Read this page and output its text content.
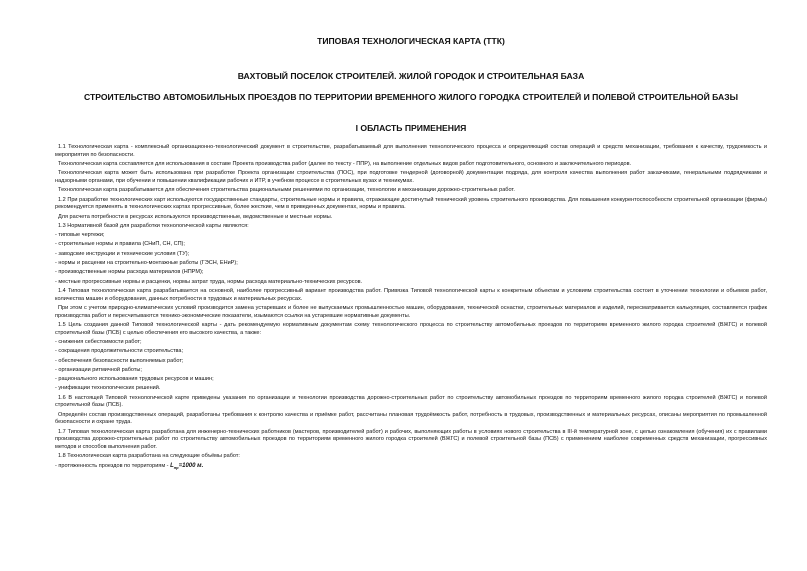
ТИПОВАЯ ТЕХНОЛОГИЧЕСКАЯ КАРТА (ТТК)
ВАХТОВЫЙ ПОСЕЛОК СТРОИТЕЛЕЙ. ЖИЛОЙ ГОРОДОК И СТРОИТЕЛЬНАЯ БАЗА
СТРОИТЕЛЬСТВО АВТОМОБИЛЬНЫХ ПРОЕЗДОВ ПО ТЕРРИТОРИИ ВРЕМЕННОГО ЖИЛОГО ГОРОДКА СТРОИТЕЛЕЙ И ПОЛЕВОЙ СТРОИТЕЛЬНОЙ БАЗЫ
I ОБЛАСТЬ ПРИМЕНЕНИЯ
1.1 Технологическая карта - комплексный организационно-технологический документ в строительстве, разрабатываемый для выполнения технологического процесса и определяющий состав операций и средств механизации, требования к качеству, трудоемкость и мероприятия по безопасности.
Технологическая карта составляется для использования в составе Проекта производства работ (далее по тексту - ППР), на выполнение отдельных видов работ подготовительного, основного и заключительного периодов.
Технологическая карта может быть использована при разработке Проекта организации строительства (ПОС), при подготовке тендерной (договорной) документации подряда, для контроля качества выполнения работ заказчиками, генеральными подрядчиками и надзорными органами, при обучении и повышении квалификации рабочих и ИТР, в учебном процессе в строительных вузах и техникумах.
Технологическая карта разрабатывается для обеспечения строительства рациональными решениями по организации, технологии и механизации дорожно-строительных работ.
1.2 При разработке технологических карт используются государственные стандарты, строительные нормы и правила, отражающие достигнутый технический уровень строительного производства. Для повышения конкурентоспособности строительной организации (фирмы) рекомендуется применять в технологических картах прогрессивные, более жесткие, чем в приведенных документах, нормы и правила.
Для расчета потребности в ресурсах используются производственные, ведомственные и местные нормы.
1.3 Нормативной базой для разработки технологической карты являются:
- типовые чертежи;
- строительные нормы и правила (СНиП, СН, СП);
- заводские инструкции и технические условия (ТУ);
- нормы и расценки на строительно-монтажные работы (ГЭСН, ЕНиР);
- производственные нормы расхода материалов (НПРМ);
- местные прогрессивные нормы и расценки, нормы затрат труда, нормы расхода материально-технических ресурсов.
1.4 Типовая технологическая карта разрабатывается на основной, наиболее прогрессивный вариант производства работ. Привязка Типовой технологической карты к конкретным объектам и условиям строительства состоит в уточнении технологии и объемов работ, количества машин и оборудования, данных потребности в трудовых и материальных ресурсах.
При этом с учетом природно-климатических условий производится замена устаревших и более не выпускаемых промышленностью машин, оборудования, технической оснастки, строительных материалов и изделий, пересматривается калькуляция, составляется график производства работ и пересчитываются технико-экономические показатели, изымаются ссылки на устаревшие нормативные документы.
1.5 Цель создания данной Типовой технологической карты - дать рекомендуемую нормативным документам схему технологического процесса по строительству автомобильных проездов по территориям временного жилого городка строителей (ВЖГС) и полевой строительной базы (ПСБ) с целью обеспечения его высокого качества, а также:
- снижения себестоимости работ;
- сокращения продолжительности строительства;
- обеспечения безопасности выполняемых работ;
- организации ритмичной работы;
- рационального использования трудовых ресурсов и машин;
- унификации технологических решений.
1.6 В настоящей Типовой технологической карте приведены указания по организации и технологии производства дорожно-строительных работ по строительству автомобильных проездов по территориям временного жилого городка строителей (ВЖГС) и полевой строительной базы (ПСБ).
Определён состав производственных операций, разработаны требования к контролю качества и приёмке работ, рассчитаны плановая трудоёмкость работ, потребность в трудовых, производственных и материальных ресурсах, описаны мероприятия по промышленной безопасности и охране труда.
1.7 Типовая технологическая карта разработана для инженерно-технических работников (мастеров, производителей работ) и рабочих, выполняющих работы в условиях нового строительства в III-й температурной зоне, с целью ознакомления (обучения) их с правилами производства дорожно-строительных работ по строительству автомобильных проездов по территориям временного жилого городка строителей (ВЖГС) и полевой строительной базы (ПСБ) с применением наиболее современных средств механизации, прогрессивных методов и способов выполнения работ.
1.8 Технологическая карта разработана на следующие объёмы работ:
- протяженность проездов по территориям - $L_{пр}=1000$ м.
